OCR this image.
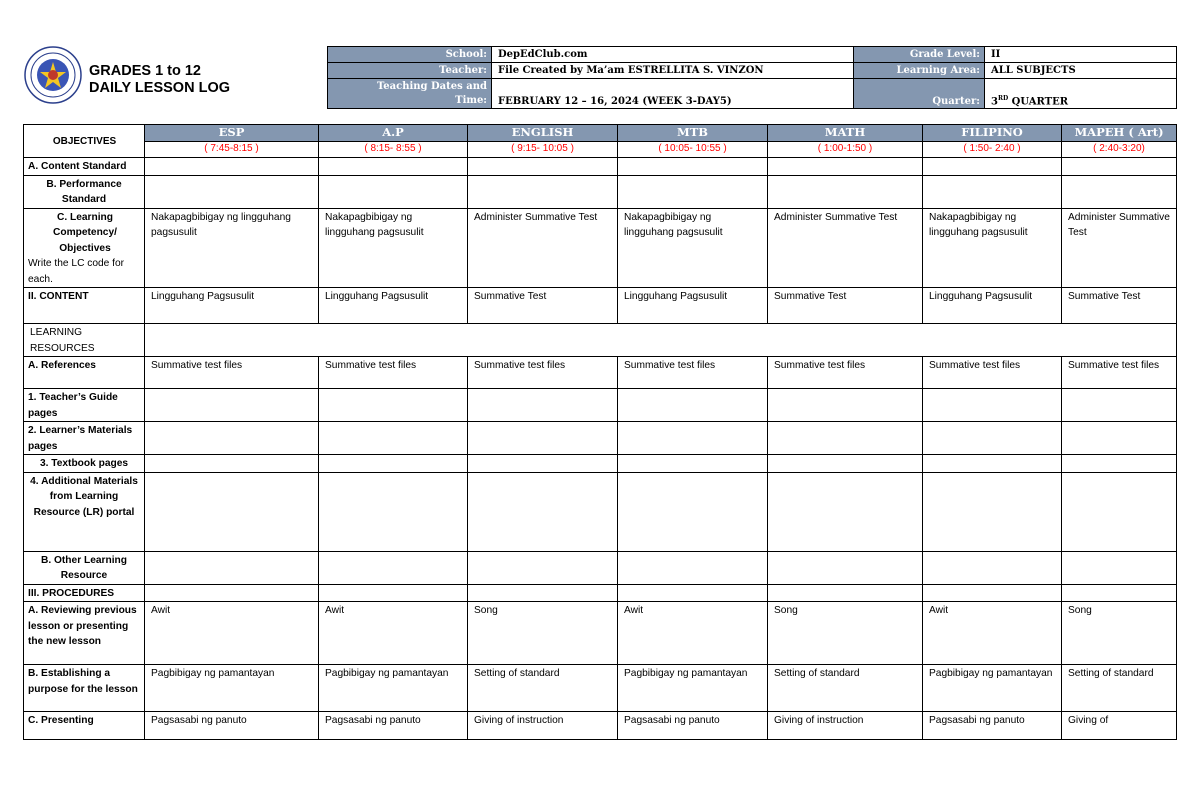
GRADES 1 to 12
DAILY LESSON LOG
School:	DepEdClub.com	Grade Level:	II
Teacher:	File Created by Ma’am ESTRELLITA S. VINZON	Learning Area:	ALL SUBJECTS
Teaching Dates and Time:	FEBRUARY 12 – 16, 2024 (WEEK 3-DAY5)	Quarter:	3RD QUARTER
OBJECTIVES	ESP	A.P	ENGLISH	MTB	MATH	FILIPINO	MAPEH ( Art)
	( 7:45-8:15 )	( 8:15- 8:55 )	( 9:15- 10:05 )	( 10:05- 10:55 )	( 1:00-1:50 )	( 1:50- 2:40 )	( 2:40-3:20)
A. Content Standard							
B. Performance Standard							

C. Learning Competency/ Objectives
Write the LC code for each.	Nakapagbibigay ng lingguhang pagsusulit	Nakapagbibigay ng lingguhang pagsusulit	Administer Summative Test	Nakapagbibigay ng lingguhang pagsusulit	Administer Summative Test	Nakapagbibigay ng lingguhang pagsusulit	Administer Summative Test
II. CONTENT	Lingguhang Pagsusulit	Lingguhang Pagsusulit	Summative Test	Lingguhang Pagsusulit	Summative Test	Lingguhang Pagsusulit	Summative Test
LEARNING RESOURCES							
A. References	Summative test files	Summative test files	Summative test files	Summative test files	Summative test files	Summative test files	Summative test files
1. Teacher’s Guide pages							
2. Learner’s Materials pages							
3. Textbook pages							
4. Additional Materials from Learning Resource (LR) portal							
B. Other Learning Resource							
III. PROCEDURES							
A. Reviewing previous lesson or presenting the new lesson	Awit	Awit	Song	Awit	Song	Awit	Song
B. Establishing a purpose for the lesson	Pagbibigay ng pamantayan	Pagbibigay ng pamantayan	Setting of standard	Pagbibigay ng pamantayan	Setting of standard	Pagbibigay ng pamantayan	Setting of standard
C. Presenting	Pagsasabi ng panuto	Pagsasabi ng panuto	Giving of instruction	Pagsasabi ng panuto	Giving of instruction	Pagsasabi ng panuto	Giving of
